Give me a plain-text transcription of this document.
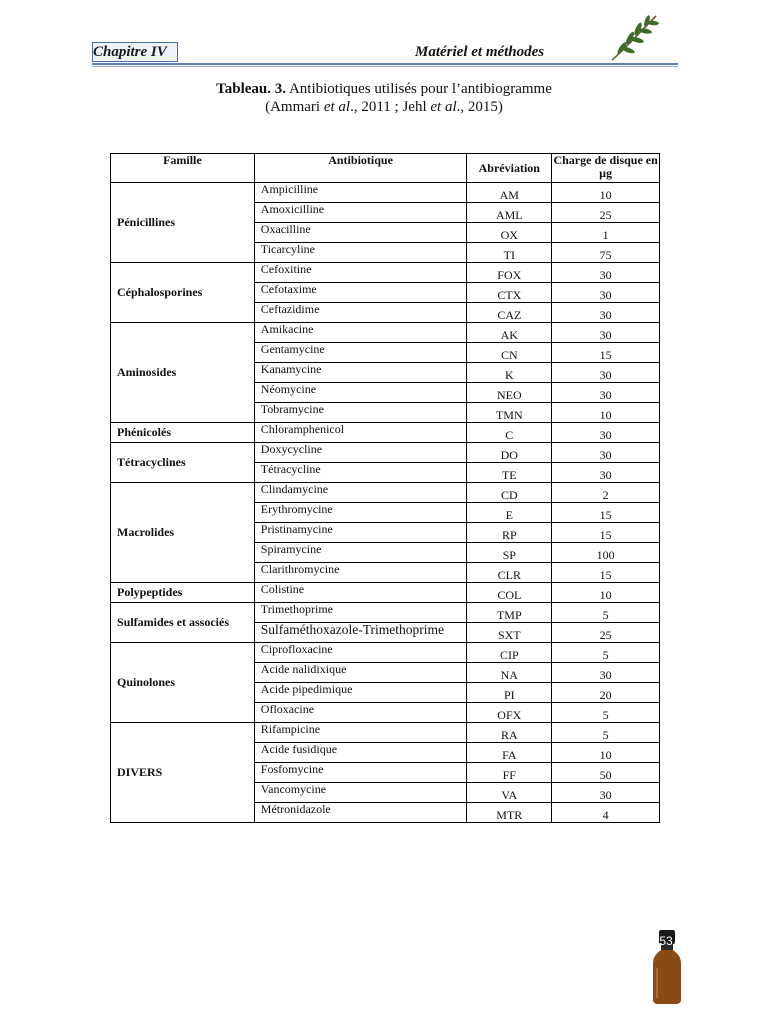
Chapitre IV	Matériel et méthodes
Tableau. 3. Antibiotiques utilisés pour l’antibiogramme
(Ammari et al., 2011 ; Jehl et al., 2015)
Famille	Antibiotique	Abréviation	Charge de disque en µg
Pénicillines	Ampicilline	AM	10
	Amoxicilline	AML	25
	Oxacilline	OX	1
	Ticarcyline	TI	75
Céphalosporines	Cefoxitine	FOX	30
	Cefotaxime	CTX	30
	Ceftazidime	CAZ	30
Aminosides	Amikacine	AK	30
	Gentamycine	CN	15
	Kanamycine	K	30
	Néomycine	NEO	30
	Tobramycine	TMN	10
Phénicolés	Chloramphenicol	C	30
Tétracyclines	Doxycycline	DO	30
	Tétracycline	TE	30
Macrolides	Clindamycine	CD	2
	Erythromycine	E	15
	Pristinamycine	RP	15
	Spiramycine	SP	100
	Clarithromycine	CLR	15
Polypeptides	Colistine	COL	10
Sulfamides et associés	Trimethoprime	TMP	5
	Sulfaméthoxazole-Trimethoprime	SXT	25
Quinolones	Ciprofloxacine	CIP	5
	Acide nalidixique	NA	30
	Acide pipedimique	PI	20
	Ofloxacine	OFX	5
DIVERS	Rifampicine	RA	5
	Acide fusidique	FA	10
	Fosfomycine	FF	50
	Vancomycine	VA	30
	Métronidazole	MTR	4
53
